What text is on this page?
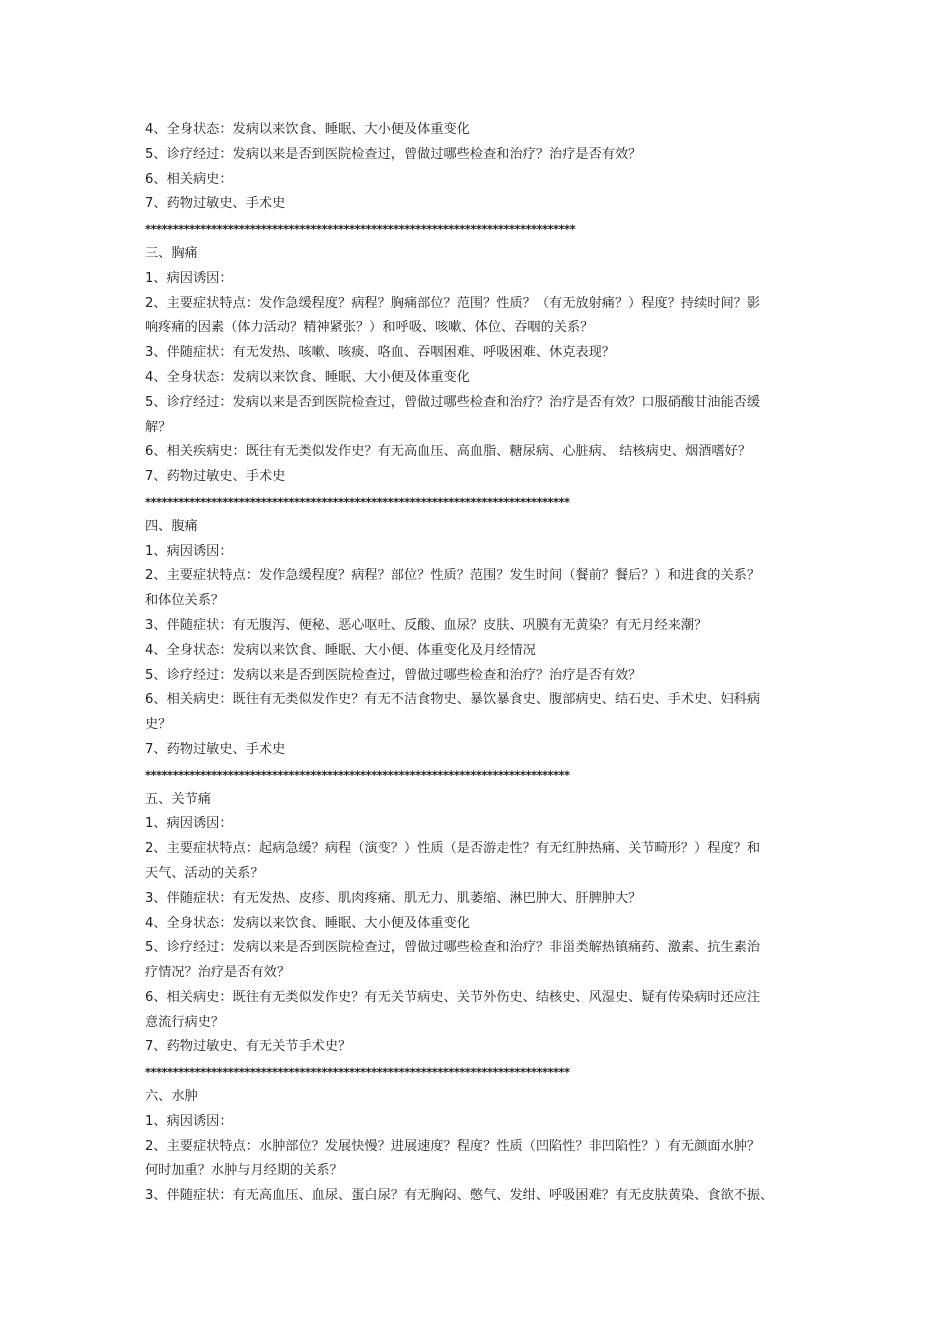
4、全身状态：发病以来饮食、睡眠、大小便及体重变化
5、诊疗经过：发病以来是否到医院检查过，曾做过哪些检查和治疗？治疗是否有效？
6、相关病史：
7、药物过敏史、手术史
******************************************************************************
三、胸痛
1、病因诱因：
2、主要症状特点：发作急缓程度？病程？胸痛部位？范围？性质？（有无放射痛？）程度？持续时间？影
响疼痛的因素（体力活动？精神紧张？）和呼吸、咳嗽、体位、吞咽的关系？
3、伴随症状：有无发热、咳嗽、咳痰、咯血、吞咽困难、呼吸困难、休克表现？
4、全身状态：发病以来饮食、睡眠、大小便及体重变化
5、诊疗经过：发病以来是否到医院检查过，曾做过哪些检查和治疗？治疗是否有效？口服硝酸甘油能否缓
解？
6、相关疾病史：既往有无类似发作史？有无高血压、高血脂、糖尿病、心脏病、 结核病史、烟酒嗜好？
7、药物过敏史、手术史
*****************************************************************************
四、腹痛
1、病因诱因：
2、主要症状特点：发作急缓程度？病程？部位？性质？范围？发生时间（餐前？餐后？）和进食的关系？
和体位关系？
3、伴随症状：有无腹泻、便秘、恶心呕吐、反酸、血尿？皮肤、巩膜有无黄染？有无月经来潮？
4、全身状态：发病以来饮食、睡眠、大小便、体重变化及月经情况
5、诊疗经过：发病以来是否到医院检查过，曾做过哪些检查和治疗？治疗是否有效？
6、相关病史：既往有无类似发作史？有无不洁食物史、暴饮暴食史、腹部病史、结石史、手术史、妇科病
史？
7、药物过敏史、手术史
*****************************************************************************
五、关节痛
1、病因诱因：
2、主要症状特点：起病急缓？病程（演变？）性质（是否游走性？有无红肿热痛、关节畸形？）程度？和
天气、活动的关系？
3、伴随症状：有无发热、皮疹、肌肉疼痛、肌无力、肌萎缩、淋巴肿大、肝脾肿大？
4、全身状态：发病以来饮食、睡眠、大小便及体重变化
5、诊疗经过：发病以来是否到医院检查过，曾做过哪些检查和治疗？非甾类解热镇痛药、激素、抗生素治
疗情况？治疗是否有效？
6、相关病史：既往有无类似发作史？有无关节病史、关节外伤史、结核史、风湿史、疑有传染病时还应注
意流行病史？
7、药物过敏史、有无关节手术史？
*****************************************************************************
六、水肿
1、病因诱因：
2、主要症状特点：水肿部位？发展快慢？进展速度？程度？性质（凹陷性？非凹陷性？）有无颜面水肿？
何时加重？水肿与月经期的关系？
3、伴随症状：有无高血压、血尿、蛋白尿？有无胸闷、憋气、发绀、呼吸困难？有无皮肤黄染、食欲不振、
